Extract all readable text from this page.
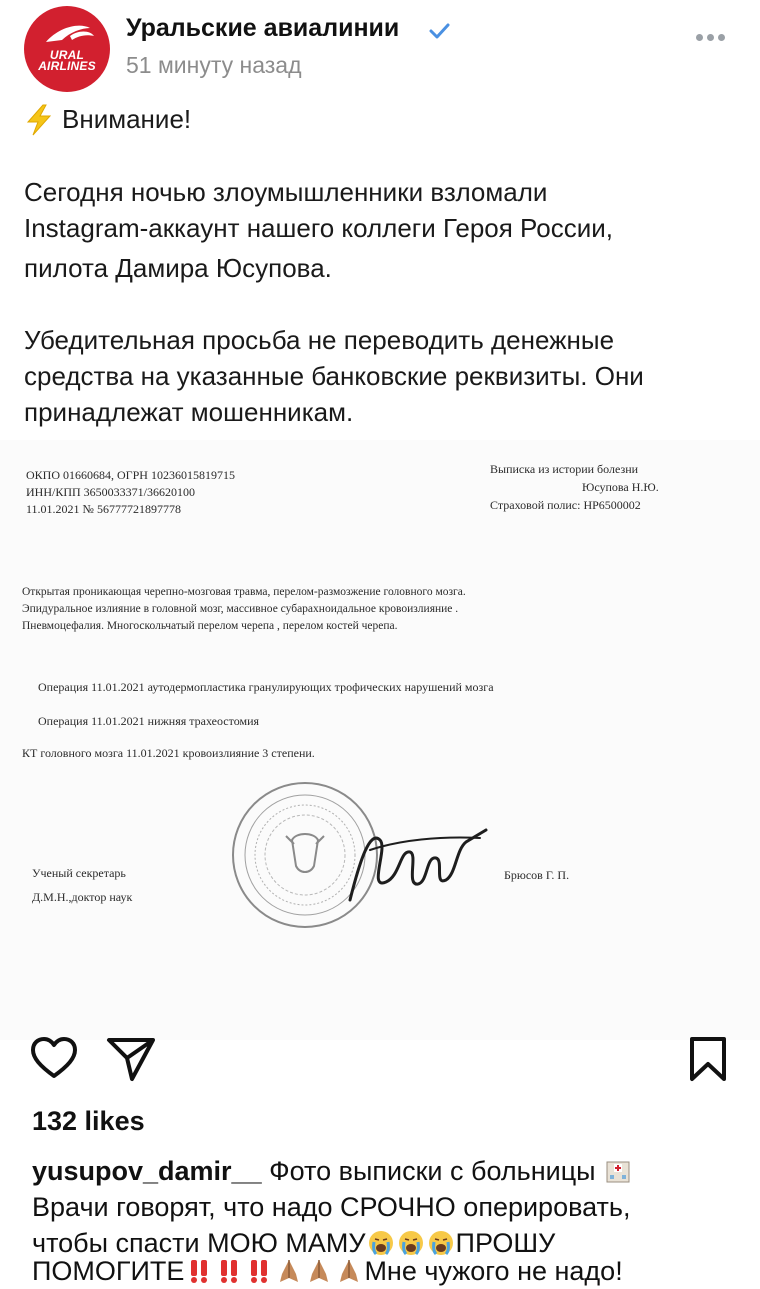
URAL
AIRLINES
Уральские авиалинии
51 минуту назад
Внимание!
Сегодня ночью злоумышленники взломали
Instagram-аккаунт нашего коллеги Героя России,
пилота Дамира Юсупова.
Убедительная просьба не переводить денежные
средства на указанные банковские реквизиты. Они
принадлежат мошенникам.
ОКПО 01660684, ОГРН 10236015819715
ИНН/КПП 3650033371/36620100
11.01.2021 № 56777721897778
Выписка из истории болезни
Юсупова Н.Ю.
Страховой полис: НР6500002
Открытая проникающая черепно-мозговая травма, перелом-размозжение головного мозга.
Эпидуральное излияние в головной мозг, массивное субарахноидальное кровоизлияние .
Пневмоцефалия. Многоскольчатый перелом черепа , перелом костей черепа.
Операция 11.01.2021 аутодермопластика гранулирующих трофических нарушений мозга
Операция 11.01.2021 нижняя трахеостомия
КТ головного мозга 11.01.2021 кровоизлияние 3 степени.
Ученый секретарь
Д.М.Н.,доктор наук
Брюсов Г. П.
132 likes
yusupov_damir__ Фото выписки с больницы
Врачи говорят, что надо СРОЧНО оперировать,
чтобы спасти МОЮ МАМУ	ПРОШУ
ПОМОГИТЕ	Мне чужого не надо!
